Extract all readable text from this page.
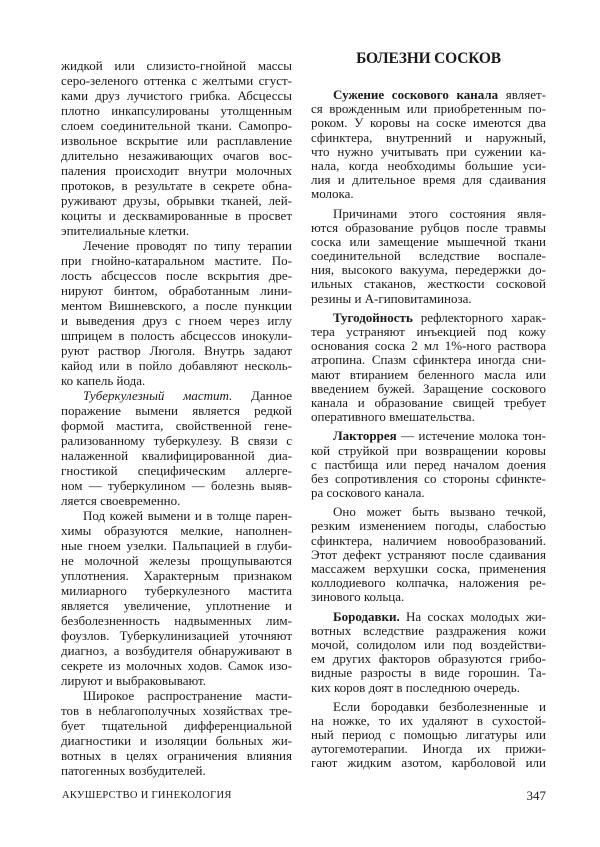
БОЛЕЗНИ СОСКОВ
жидкой или слизисто-гнойной массы
серо-зеленого оттенка с желтыми сгуст-
ками друз лучистого грибка. Абсцессы
плотно инкапсулированы утолщенным
слоем соединительной ткани. Самопро-
извольное вскрытие или расплавление
длительно незаживающих очагов вос-
паления происходит внутри молочных
протоков, в результате в секрете обна-
руживают друзы, обрывки тканей, лей-
коциты и десквамированные в просвет
эпителиальные клетки.
Лечение проводят по типу терапии
при гнойно-катаральном мастите. По-
лость абсцессов после вскрытия дре-
нируют бинтом, обработанным лини-
ментом Вишневского, а после пункции
и выведения друз с гноем через иглу
шприцем в полость абсцессов инокули-
руют раствор Люголя. Внутрь задают
кайод или в пойло добавляют несколь-
ко капель йода.
Туберкулезный мастит. Данное
поражение вымени является редкой
формой мастита, свойственной гене-
рализованному туберкулезу. В связи с
налаженной квалифицированной диа-
гностикой специфическим аллерге-
ном — туберкулином — болезнь выяв-
ляется своевременно.
Под кожей вымени и в толще парен-
химы образуются мелкие, наполнен-
ные гноем узелки. Пальпацией в глуби-
не молочной железы прощупываются
уплотнения. Характерным признаком
милиарного туберкулезного мастита
является увеличение, уплотнение и
безболезненность надвыменных лим-
фоузлов. Туберкулинизацией уточняют
диагноз, а возбудителя обнаруживают в
секрете из молочных ходов. Самок изо-
лируют и выбраковывают.
Широкое распространение масти-
тов в неблагополучных хозяйствах тре-
бует тщательной дифференциальной
диагностики и изоляции больных жи-
вотных в целях ограничения влияния
патогенных возбудителей.
Сужение соскового канала являет-
ся врожденным или приобретенным по-
роком. У коровы на соске имеются два
сфинктера, внутренний и наружный,
что нужно учитывать при сужении ка-
нала, когда необходимы большие уси-
лия и длительное время для сдаивания
молока.
Причинами этого состояния явля-
ются образование рубцов после травмы
соска или замещение мышечной ткани
соединительной вследствие воспале-
ния, высокого вакуума, передержки до-
ильных стаканов, жесткости сосковой
резины и А-гиповитаминоза.
Тугодойность рефлекторного харак-
тера устраняют инъекцией под кожу
основания соска 2 мл 1%-ного раствора
атропина. Спазм сфинктера иногда сни-
мают втиранием беленного масла или
введением бужей. Заращение соскового
канала и образование свищей требует
оперативного вмешательства.
Лакторрея — истечение молока тон-
кой струйкой при возвращении коровы
с пастбища или перед началом доения
без сопротивления со стороны сфинкте-
ра соскового канала.
Оно может быть вызвано течкой,
резким изменением погоды, слабостью
сфинктера, наличием новообразований.
Этот дефект устраняют после сдаивания
массажем верхушки соска, применения
коллодиевого колпачка, наложения ре-
зинового кольца.
Бородавки. На сосках молодых жи-
вотных вследствие раздражения кожи
мочой, солидолом или под воздействи-
ем других факторов образуются грибо-
видные разросты в виде горошин. Та-
ких коров доят в последнюю очередь.
Если бородавки безболезненные и
на ножке, то их удаляют в сухостой-
ный период с помощью лигатуры или
аутогемотерапии. Иногда их прижи-
гают жидким азотом, карболовой или
АКУШЕРСТВО И ГИНЕКОЛОГИЯ	347
